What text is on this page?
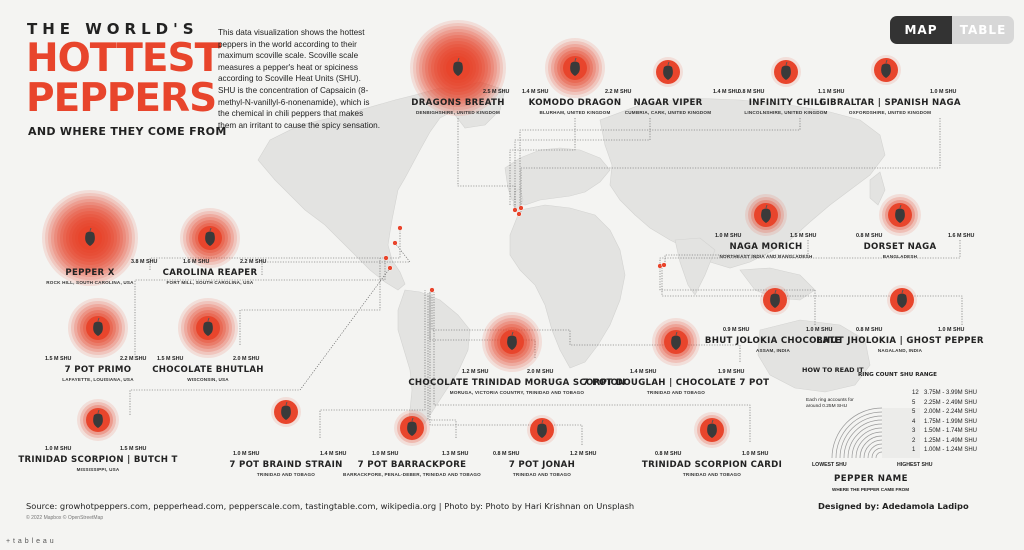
THE WORLD'S
HOTTEST
PEPPERS
AND WHERE THEY COME FROM
This data visualization shows the hottest peppers in the world according to their maximum scoville scale. Scoville scale measures a pepper's heat or spiciness according to Scoville Heat Units (SHU). SHU is the concentration of Capsaicin (8-methyl-N-vanillyl-6-nonenamide), which is the chemical in chili peppers that makes them an irritant to cause the spicy sensation.
MAP	TABLE
DRAGONS BREATH
DENBIGHSHIRE, UNITED KINGDOM
2.5 M SHU
KOMODO DRAGON
BLURHAM, UNITED KINGDOM
1.4 M SHU	2.2 M SHU
NAGAR VIPER
CUMBRIA, CARK, UNITED KINGDOM
1.4 M SHU
INFINITY CHILI
LINCOLNSHIRE, UNITED KINGDOM
0.8 M SHU	1.1 M SHU
GIBRALTAR | SPANISH NAGA
OXFORDSHIRE, UNITED KINGDOM
1.0 M SHU
PEPPER X
ROCK HILL, SOUTH CAROLINA, USA
3.8 M SHU
CAROLINA REAPER
FORT MILL, SOUTH CAROLINA, USA
1.6 M SHU	2.2 M SHU
NAGA MORICH
NORTHEAST INDIA AND BANGLADESH
1.0 M SHU	1.5 M SHU
DORSET NAGA
BANGLADESH
0.8 M SHU	1.6 M SHU
7 POT PRIMO
LAFAYETTE, LOUISIANA, USA
1.5 M SHU	2.2 M SHU
CHOCOLATE BHUTLAH
WISCONSIN, USA
1.5 M SHU	2.0 M SHU
BHUT JOLOKIA CHOCOLATE
ASSAM, INDIA
0.9 M SHU	1.0 M SHU
BHUT JHOLOKIA | GHOST PEPPER
NAGALAND, INDIA
0.8 M SHU	1.0 M SHU
CHOCOLATE TRINIDAD MORUGA SCORPION
MORUGA, VICTORIA COUNTRY, TRINIDAD AND TOBAGO
1.2 M SHU	2.0 M SHU
7 POT DOUGLAH | CHOCOLATE 7 POT
TRINIDAD AND TOBAGO
1.4 M SHU	1.9 M SHU
TRINIDAD SCORPION | BUTCH T
MISSISSIPPI, USA
1.0 M SHU	1.5 M SHU
7 POT BRAIND STRAIN
TRINIDAD AND TOBAGO
1.0 M SHU	1.4 M SHU
7 POT BARRACKPORE
BARRACKPORE, PENAL-DEBER, TRINIDAD AND TOBAGO
1.0 M SHU	1.3 M SHU
7 POT JONAH
TRINIDAD AND TOBAGO
0.8 M SHU	1.2 M SHU
TRINIDAD SCORPION CARDI
TRINIDAD AND TOBAGO
0.8 M SHU	1.0 M SHU
HOW TO READ IT
RING COUNT SHU RANGE
Each ring accounts for around 0.25M SHU
12 3.75M - 3.99M SHU
5 2.25M - 2.49M SHU
5 2.00M - 2.24M SHU
4 1.75M - 1.99M SHU
3 1.50M - 1.74M SHU
2 1.25M - 1.49M SHU
1 1.00M - 1.24M SHU
LOWEST SHU	HIGHEST SHU
PEPPER NAME
WHERE THE PEPPER CAME FROM
Source: growhotpeppers.com, pepperhead.com, pepperscale.com, tastingtable.com, wikipedia.org | Photo by: Photo by Hari Krishnan on Unsplash	Designed by: Adedamola Ladipo
© 2022 Mapbox © OpenStreetMap
+ t a b l e a u
